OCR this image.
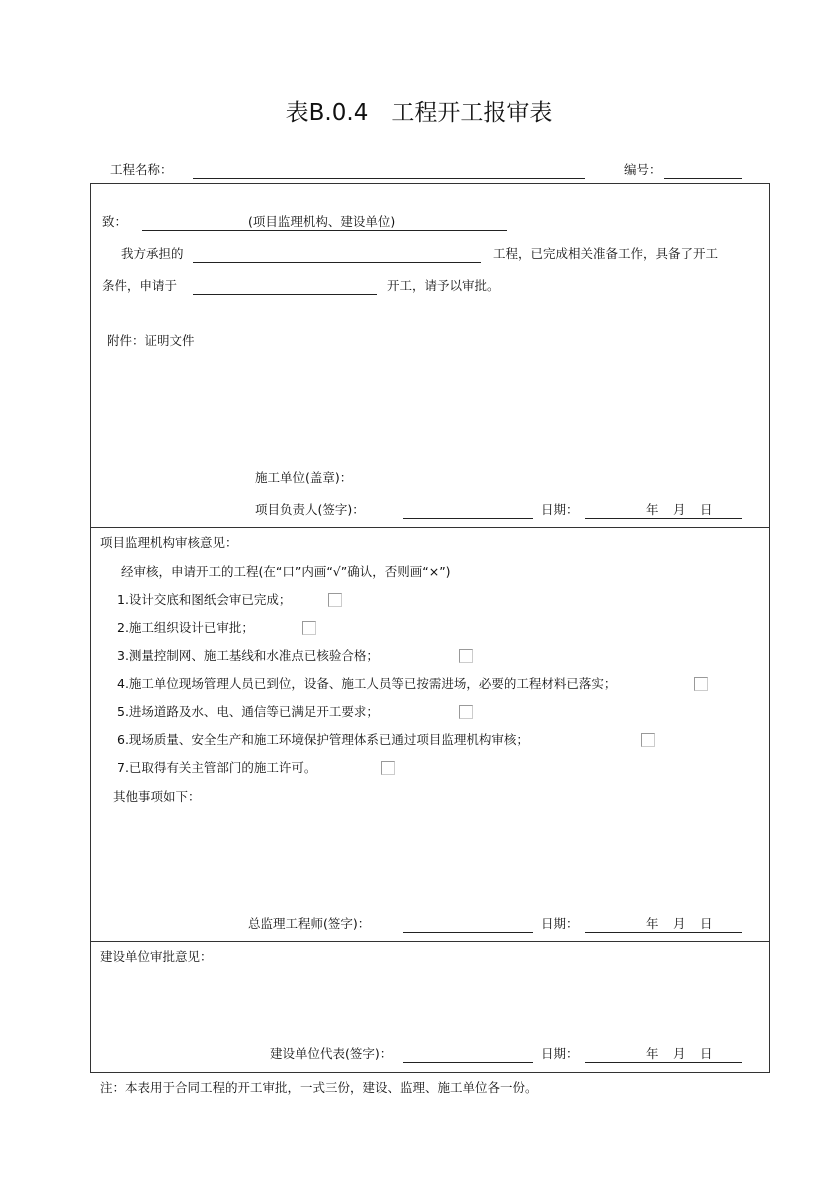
表B.0.4　工程开工报审表
工程名称：	编号：
致：	(项目监理机构、建设单位)
我方承担的	工程，已完成相关准备工作，具备了开工
条件，申请于	开工，请予以审批。
附件：证明文件
施工单位(盖章)：
项目负责人(签字)：	日期：	年 月 日
项目监理机构审核意见：
经审核，申请开工的工程(在“口”内画“√”确认，否则画“×”)
1.设计交底和图纸会审已完成；
2.施工组织设计已审批；
3.测量控制网、施工基线和水准点已核验合格；
4.施工单位现场管理人员已到位，设备、施工人员等已按需进场，必要的工程材料已落实；
5.进场道路及水、电、通信等已满足开工要求；
6.现场质量、安全生产和施工环境保护管理体系已通过项目监理机构审核；
7.已取得有关主管部门的施工许可。
其他事项如下：
总监理工程师(签字)：	日期：	年 月 日
建设单位审批意见：
建设单位代表(签字)：	日期：	年 月 日
注：本表用于合同工程的开工审批，一式三份，建设、监理、施工单位各一份。
